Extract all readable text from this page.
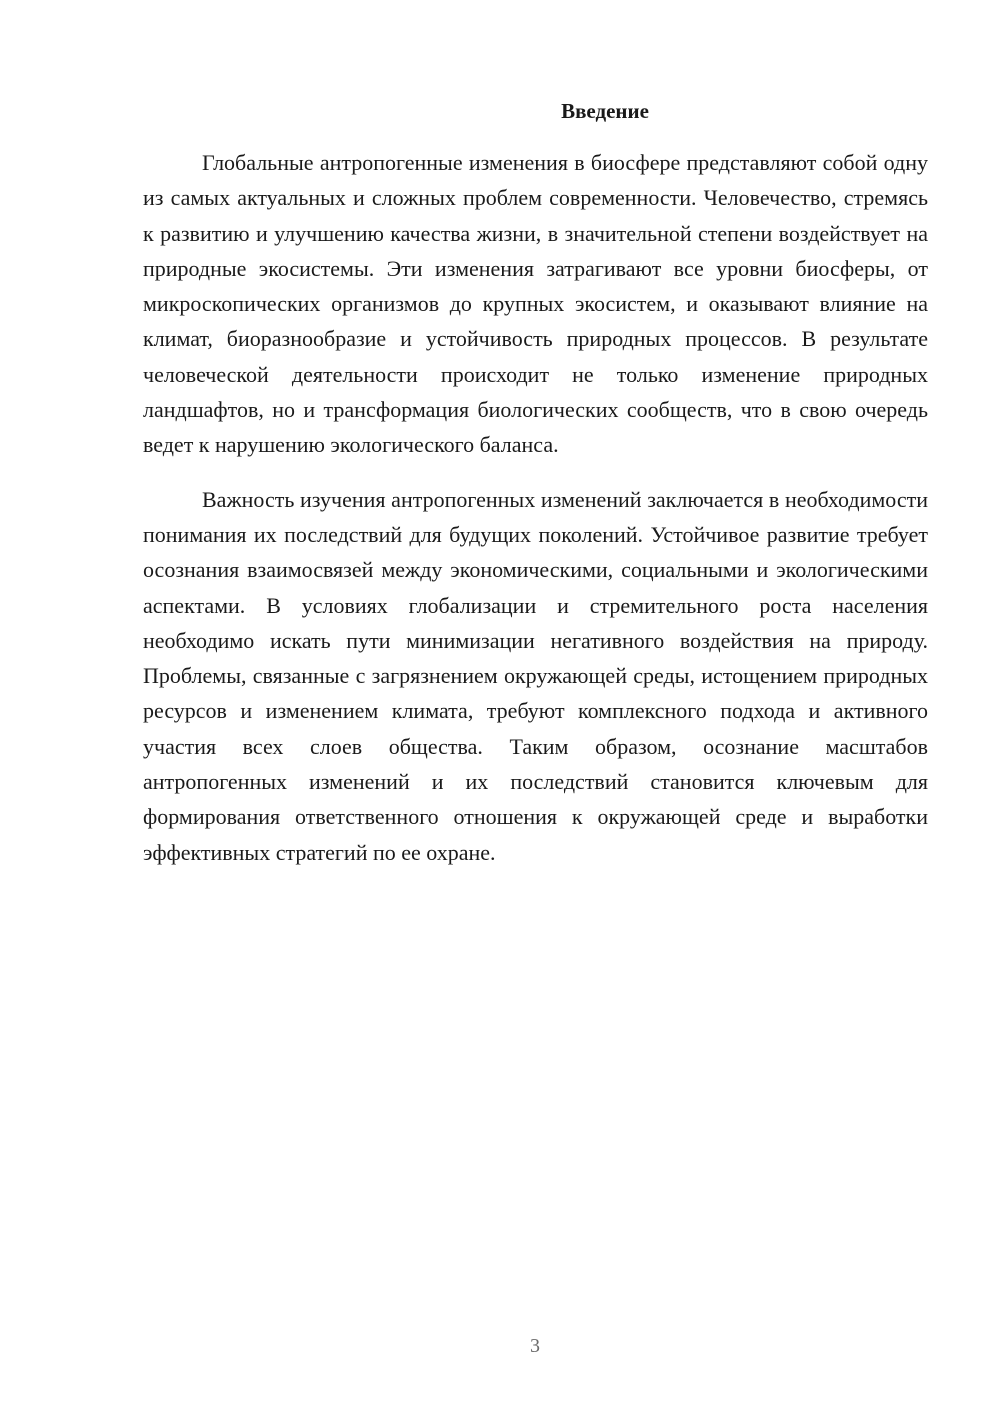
Введение

Глобальные антропогенные изменения в биосфере представляют собой одну из самых актуальных и сложных проблем современности. Человечество, стремясь к развитию и улучшению качества жизни, в значительной степени воздействует на природные экосистемы. Эти изменения затрагивают все уровни биосферы, от микроскопических организмов до крупных экосистем, и оказывают влияние на климат, биоразнообразие и устойчивость природных процессов. В результате человеческой деятельности происходит не только изменение природных ландшафтов, но и трансформация биологических сообществ, что в свою очередь ведет к нарушению экологического баланса.

Важность изучения антропогенных изменений заключается в необходимости понимания их последствий для будущих поколений. Устойчивое развитие требует осознания взаимосвязей между экономическими, социальными и экологическими аспектами. В условиях глобализации и стремительного роста населения необходимо искать пути минимизации негативного воздействия на природу. Проблемы, связанные с загрязнением окружающей среды, истощением природных ресурсов и изменением климата, требуют комплексного подхода и активного участия всех слоев общества. Таким образом, осознание масштабов антропогенных изменений и их последствий становится ключевым для формирования ответственного отношения к окружающей среде и выработки эффективных стратегий по ее охране.

3
